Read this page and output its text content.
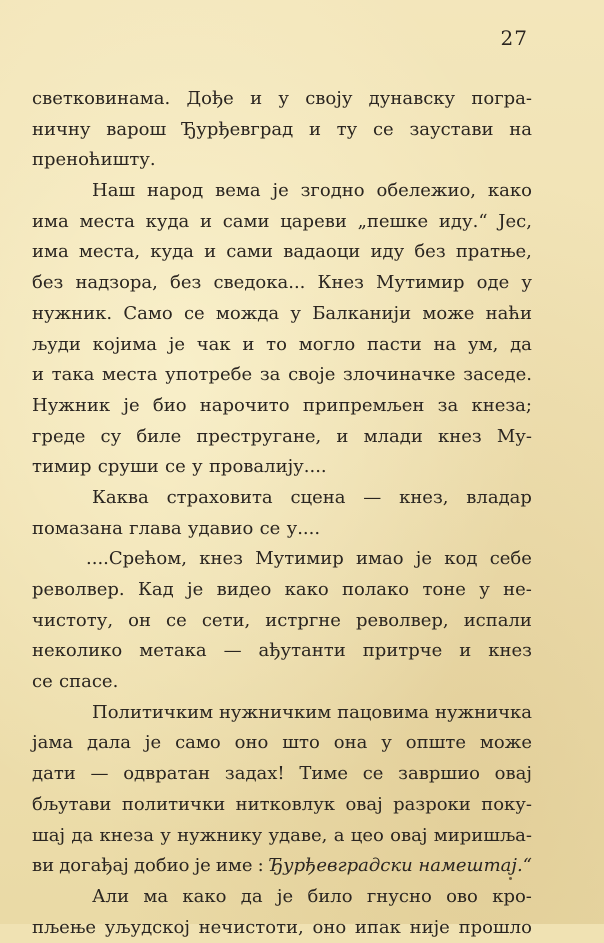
27
светковинама. Дође и у своју дунавску погра-
ничну варош Ђурђевград и ту се заустави на
преноћишту.
Наш народ вема је згодно обележио, како
има места куда и сами цареви „пешке иду.“ Јес,
има места, куда и сами вадаоци иду без пратње,
без надзора, без сведока... Кнез Мутимир оде у
нужник. Само се можда у Балканији може наћи
људи којима је чак и то могло пасти на ум, да
и така места употребе за своје злочиначке заседе.
Нужник је био нарочито припремљен за кнеза;
греде су биле престругане, и млади кнез Му-
тимир сруши се у провалију....
Каква страховита сцена — кнез, владар
помазана глава удавио се у....
....Срећом, кнез Мутимир имао је код себе
револвер. Кад је видео како полако тоне у не-
чистоту, он се сети, истргне револвер, испали
неколико метака — ађутанти притрче и кнез
се спасе.
Политичким нужничким пацовима нужничка
јама дала је само оно што она у опште може
дати — одвратан задах! Тиме се завршио овај
бљутави политички нитковлук овај разроки поку-
шај да кнеза у нужнику удаве, а цео овај миришља-
ви догађај добио је име : Ђурђевградски намештај.“
Али ма како да је било гнусно ово кро-
пљење уљудској нечистоти, оно ипак није прошло
